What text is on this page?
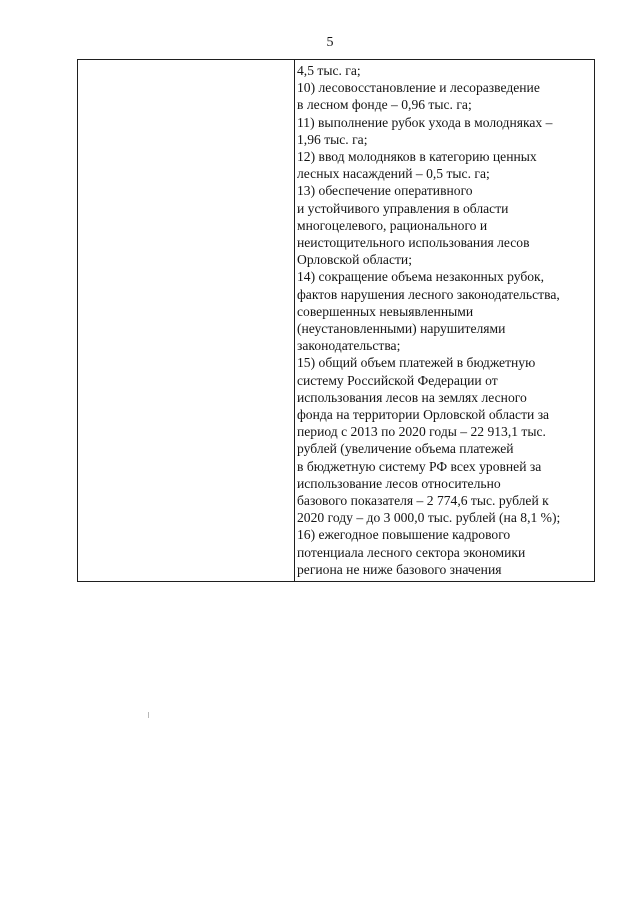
5
4,5 тыс. га;
10) лесовосстановление и лесоразведение
в лесном фонде – 0,96 тыс. га;
11) выполнение рубок ухода в молодняках –
1,96 тыс. га;
12) ввод молодняков в категорию ценных
лесных насаждений – 0,5 тыс. га;
13) обеспечение оперативного
и устойчивого управления в области
многоцелевого, рационального и
неистощительного использования лесов
Орловской области;
14) сокращение объема незаконных рубок,
фактов нарушения лесного законодательства,
совершенных невыявленными
(неустановленными) нарушителями
законодательства;
15) общий объем платежей в бюджетную
систему Российской Федерации от
использования лесов на землях лесного
фонда на территории Орловской области за
период с 2013 по 2020 годы – 22 913,1 тыс.
рублей (увеличение объема платежей
в бюджетную систему РФ всех уровней за
использование лесов относительно
базового показателя – 2 774,6 тыс. рублей к
2020 году – до 3 000,0 тыс. рублей (на 8,1 %);
16) ежегодное повышение кадрового
потенциала лесного сектора экономики
региона не ниже базового значения
